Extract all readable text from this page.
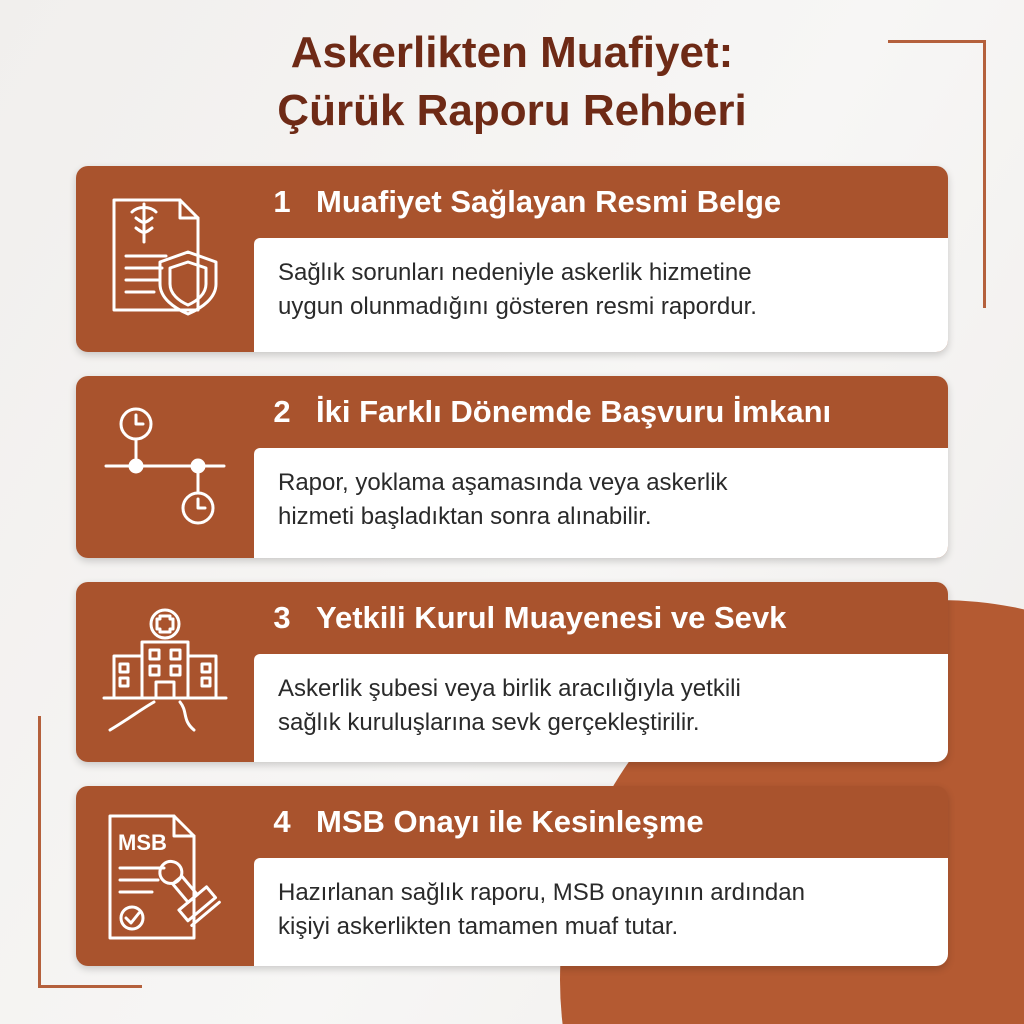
Askerlikten Muafiyet:
Çürük Raporu Rehberi
1 Muafiyet Sağlayan Resmi Belge
Sağlık sorunları nedeniyle askerlik hizmetine
uygun olunmadığını gösteren resmi rapordur.
2 İki Farklı Dönemde Başvuru İmkanı
Rapor, yoklama aşamasında veya askerlik
hizmeti başladıktan sonra alınabilir.
3 Yetkili Kurul Muayenesi ve Sevk
Askerlik şubesi veya birlik aracılığıyla yetkili
sağlık kuruluşlarına sevk gerçekleştirilir.
MSB
4 MSB Onayı ile Kesinleşme
Hazırlanan sağlık raporu, MSB onayının ardından
kişiyi askerlikten tamamen muaf tutar.
